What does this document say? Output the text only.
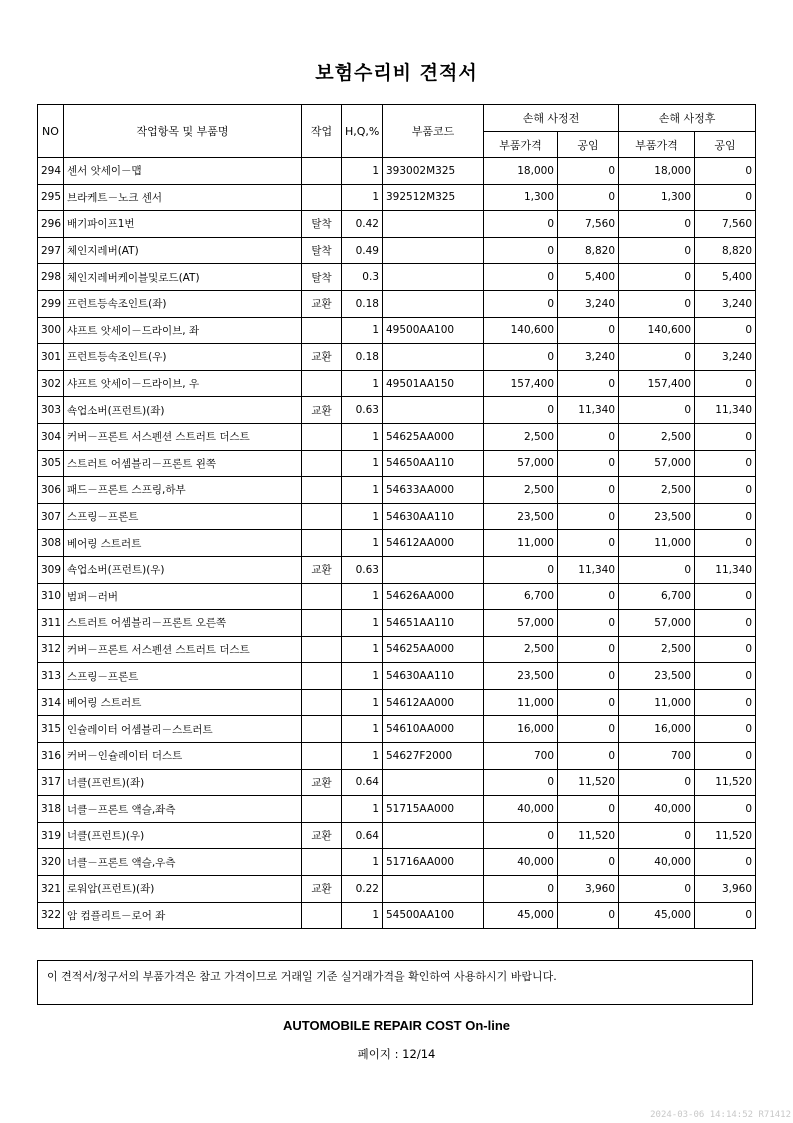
보험수리비 견적서
NO	작업항목 및 부품명	작업	H,Q,%	부품코드	손해 사정전		손해 사정후	
					부품가격	공임	부품가격	공임
294	센서 앗세이－맵		1	393002M325	18,000	0	18,000	0
295	브라케트－노크 센서		1	392512M325	1,300	0	1,300	0
296	배기파이프1번	탈착	0.42		0	7,560	0	7,560
297	체인지레버(AT)	탈착	0.49		0	8,820	0	8,820
298	체인지레버케이블및로드(AT)	탈착	0.3		0	5,400	0	5,400
299	프런트등속조인트(좌)	교환	0.18		0	3,240	0	3,240
300	샤프트 앗세이－드라이브, 좌		1	49500AA100	140,600	0	140,600	0
301	프런트등속조인트(우)	교환	0.18		0	3,240	0	3,240
302	샤프트 앗세이－드라이브, 우		1	49501AA150	157,400	0	157,400	0
303	쇽업소버(프런트)(좌)	교환	0.63		0	11,340	0	11,340
304	커버－프론트 서스펜션 스트러트 더스트		1	54625AA000	2,500	0	2,500	0
305	스트러트 어셈블리－프론트 왼쪽		1	54650AA110	57,000	0	57,000	0
306	패드－프론트 스프링,하부		1	54633AA000	2,500	0	2,500	0
307	스프링－프론트		1	54630AA110	23,500	0	23,500	0
308	베어링 스트러트		1	54612AA000	11,000	0	11,000	0
309	쇽업소버(프런트)(우)	교환	0.63		0	11,340	0	11,340
310	범퍼－러버		1	54626AA000	6,700	0	6,700	0
311	스트러트 어셈블리－프론트 오른쪽		1	54651AA110	57,000	0	57,000	0
312	커버－프론트 서스펜션 스트러트 더스트		1	54625AA000	2,500	0	2,500	0
313	스프링－프론트		1	54630AA110	23,500	0	23,500	0
314	베어링 스트러트		1	54612AA000	11,000	0	11,000	0
315	인슐레이터 어셈블리－스트러트		1	54610AA000	16,000	0	16,000	0
316	커버－인슐레이터 더스트		1	54627F2000	700	0	700	0
317	너클(프런트)(좌)	교환	0.64		0	11,520	0	11,520
318	너클－프론트 액슬,좌측		1	51715AA000	40,000	0	40,000	0
319	너클(프런트)(우)	교환	0.64		0	11,520	0	11,520
320	너클－프론트 액슬,우측		1	51716AA000	40,000	0	40,000	0
321	로워암(프런트)(좌)	교환	0.22		0	3,960	0	3,960
322	암 컴플리트－로어 좌		1	54500AA100	45,000	0	45,000	0
이 견적서/청구서의 부품가격은 참고 가격이므로 거래일 기준 실거래가격을 확인하여 사용하시기 바랍니다.
AUTOMOBILE REPAIR COST On-line
페이지 : 12/14
2024-03-06 14:14:52 R71412
